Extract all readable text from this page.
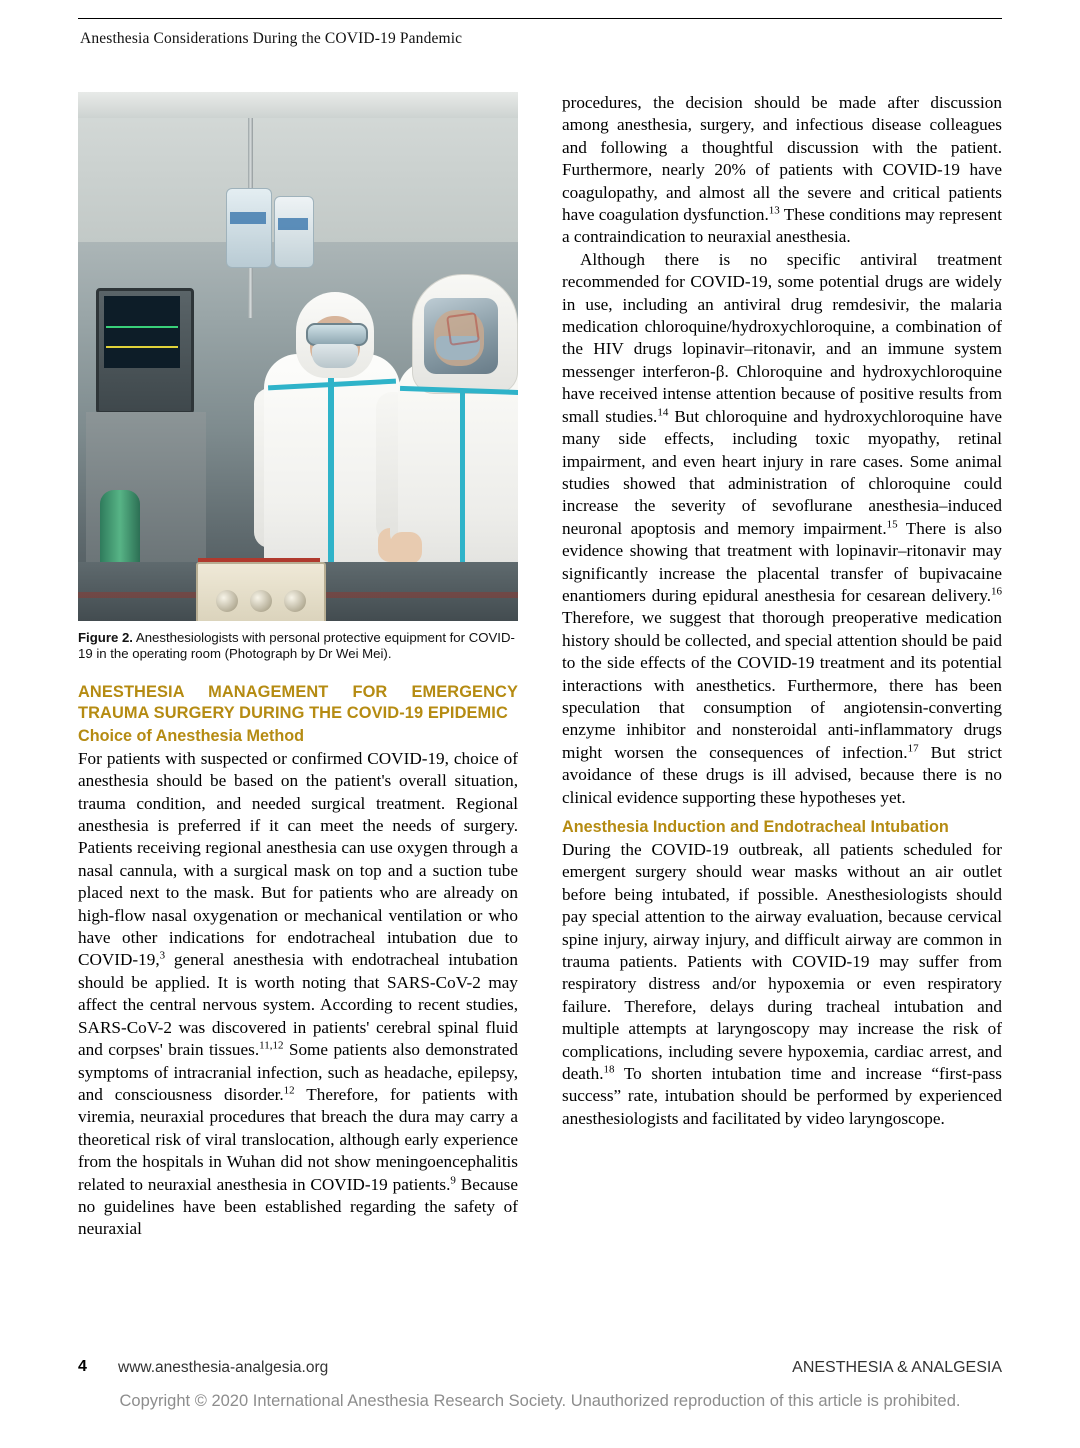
Anesthesia Considerations During the COVID-19 Pandemic
Figure 2. Anesthesiologists with personal protective equipment for COVID-19 in the operating room (Photograph by Dr Wei Mei).
ANESTHESIA MANAGEMENT FOR EMERGENCY TRAUMA SURGERY DURING THE COVID-19 EPIDEMIC
Choice of Anesthesia Method

For patients with suspected or confirmed COVID-19, choice of anesthesia should be based on the patient's overall situation, trauma condition, and needed surgical treatment. Regional anesthesia is preferred if it can meet the needs of surgery. Patients receiving regional anesthesia can use oxygen through a nasal cannula, with a surgical mask on top and a suction tube placed next to the mask. But for patients who are already on high-flow nasal oxygenation or mechanical ventilation or who have other indications for endotracheal intubation due to COVID-19,$^3$ general anesthesia with endotracheal intubation should be applied. It is worth noting that SARS-CoV-2 may affect the central nervous system. According to recent studies, SARS-CoV-2 was discovered in patients' cerebral spinal fluid and corpses' brain tissues.$^{11,12}$ Some patients also demonstrated symptoms of intracranial infection, such as headache, epilepsy, and consciousness disorder.$^{12}$ Therefore, for patients with viremia, neuraxial procedures that breach the dura may carry a theoretical risk of viral translocation, although early experience from the hospitals in Wuhan did not show meningoencephalitis related to neuraxial anesthesia in COVID-19 patients.$^9$ Because no guidelines have been established regarding the safety of neuraxial

procedures, the decision should be made after discussion among anesthesia, surgery, and infectious disease colleagues and following a thoughtful discussion with the patient. Furthermore, nearly 20% of patients with COVID-19 have coagulopathy, and almost all the severe and critical patients have coagulation dysfunction.$^{13}$ These conditions may represent a contraindication to neuraxial anesthesia.

Although there is no specific antiviral treatment recommended for COVID-19, some potential drugs are widely in use, including an antiviral drug remdesivir, the malaria medication chloroquine/hydroxychloroquine, a combination of the HIV drugs lopinavir–ritonavir, and an immune system messenger interferon-β. Chloroquine and hydroxychloroquine have received intense attention because of positive results from small studies.$^{14}$ But chloroquine and hydroxychloroquine have many side effects, including toxic myopathy, retinal impairment, and even heart injury in rare cases. Some animal studies showed that administration of chloroquine could increase the severity of sevoflurane anesthesia–induced neuronal apoptosis and memory impairment.$^{15}$ There is also evidence showing that treatment with lopinavir–ritonavir may significantly increase the placental transfer of bupivacaine enantiomers during epidural anesthesia for cesarean delivery.$^{16}$ Therefore, we suggest that thorough preoperative medication history should be collected, and special attention should be paid to the side effects of the COVID-19 treatment and its potential interactions with anesthetics. Furthermore, there has been speculation that consumption of angiotensin-converting enzyme inhibitor and nonsteroidal anti-inflammatory drugs might worsen the consequences of infection.$^{17}$ But strict avoidance of these drugs is ill advised, because there is no clinical evidence supporting these hypotheses yet.

Anesthesia Induction and Endotracheal Intubation

During the COVID-19 outbreak, all patients scheduled for emergent surgery should wear masks without an air outlet before being intubated, if possible. Anesthesiologists should pay special attention to the airway evaluation, because cervical spine injury, airway injury, and difficult airway are common in trauma patients. Patients with COVID-19 may suffer from respiratory distress and/or hypoxemia or even respiratory failure. Therefore, delays during tracheal intubation and multiple attempts at laryngoscopy may increase the risk of complications, including severe hypoxemia, cardiac arrest, and death.$^{18}$ To shorten intubation time and increase “first-pass success” rate, intubation should be performed by experienced anesthesiologists and facilitated by video laryngoscope.

4 www.anesthesia-analgesia.org	ANESTHESIA & ANALGESIA
Copyright © 2020 International Anesthesia Research Society. Unauthorized reproduction of this article is prohibited.
